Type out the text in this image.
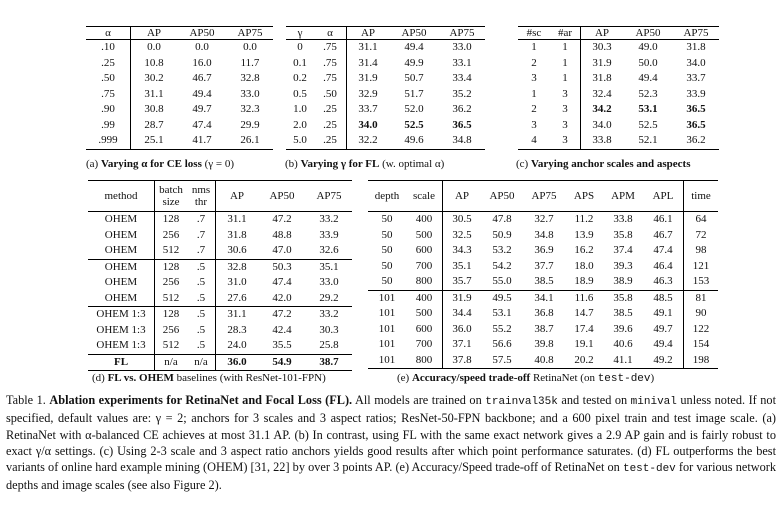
α	AP	AP50	AP75
.10	0.0	0.0	0.0
.25	10.8	16.0	11.7
.50	30.2	46.7	32.8
.75	31.1	49.4	33.0
.90	30.8	49.7	32.3
.99	28.7	47.4	29.9
.999	25.1	41.7	26.1
(a) Varying α for CE loss (γ = 0)
γ	α	AP	AP50	AP75
0	.75	31.1	49.4	33.0
0.1	.75	31.4	49.9	33.1
0.2	.75	31.9	50.7	33.4
0.5	.50	32.9	51.7	35.2
1.0	.25	33.7	52.0	36.2
2.0	.25	34.0	52.5	36.5
5.0	.25	32.2	49.6	34.8
(b) Varying γ for FL (w. optimal α)
#sc	#ar	AP	AP50	AP75
1	1	30.3	49.0	31.8
2	1	31.9	50.0	34.0
3	1	31.8	49.4	33.7
1	3	32.4	52.3	33.9
2	3	34.2	53.1	36.5
3	3	34.0	52.5	36.5
4	3	33.8	52.1	36.2
(c) Varying anchor scales and aspects
method	batch size	nms thr	AP	AP50	AP75
OHEM	128	.7	31.1	47.2	33.2
OHEM	256	.7	31.8	48.8	33.9
OHEM	512	.7	30.6	47.0	32.6
OHEM	128	.5	32.8	50.3	35.1
OHEM	256	.5	31.0	47.4	33.0
OHEM	512	.5	27.6	42.0	29.2
OHEM 1:3	128	.5	31.1	47.2	33.2
OHEM 1:3	256	.5	28.3	42.4	30.3
OHEM 1:3	512	.5	24.0	35.5	25.8
FL	n/a	n/a	36.0	54.9	38.7
(d) FL vs. OHEM baselines (with ResNet-101-FPN)
depth	scale	AP	AP50	AP75	APS	APM	APL	time
50	400	30.5	47.8	32.7	11.2	33.8	46.1	64
50	500	32.5	50.9	34.8	13.9	35.8	46.7	72
50	600	34.3	53.2	36.9	16.2	37.4	47.4	98
50	700	35.1	54.2	37.7	18.0	39.3	46.4	121
50	800	35.7	55.0	38.5	18.9	38.9	46.3	153
101	400	31.9	49.5	34.1	11.6	35.8	48.5	81
101	500	34.4	53.1	36.8	14.7	38.5	49.1	90
101	600	36.0	55.2	38.7	17.4	39.6	49.7	122
101	700	37.1	56.6	39.8	19.1	40.6	49.4	154
101	800	37.8	57.5	40.8	20.2	41.1	49.2	198
(e) Accuracy/speed trade-off RetinaNet (on test-dev)
Table 1. Ablation experiments for RetinaNet and Focal Loss (FL). All models are trained on trainval35k and tested on minival unless noted. If not specified, default values are: γ = 2; anchors for 3 scales and 3 aspect ratios; ResNet-50-FPN backbone; and a 600 pixel train and test image scale. (a) RetinaNet with α-balanced CE achieves at most 31.1 AP. (b) In contrast, using FL with the same exact network gives a 2.9 AP gain and is fairly robust to exact γ/α settings. (c) Using 2-3 scale and 3 aspect ratio anchors yields good results after which point performance saturates. (d) FL outperforms the best variants of online hard example mining (OHEM) [31, 22] by over 3 points AP. (e) Accuracy/Speed trade-off of RetinaNet on test-dev for various network depths and image scales (see also Figure 2).
